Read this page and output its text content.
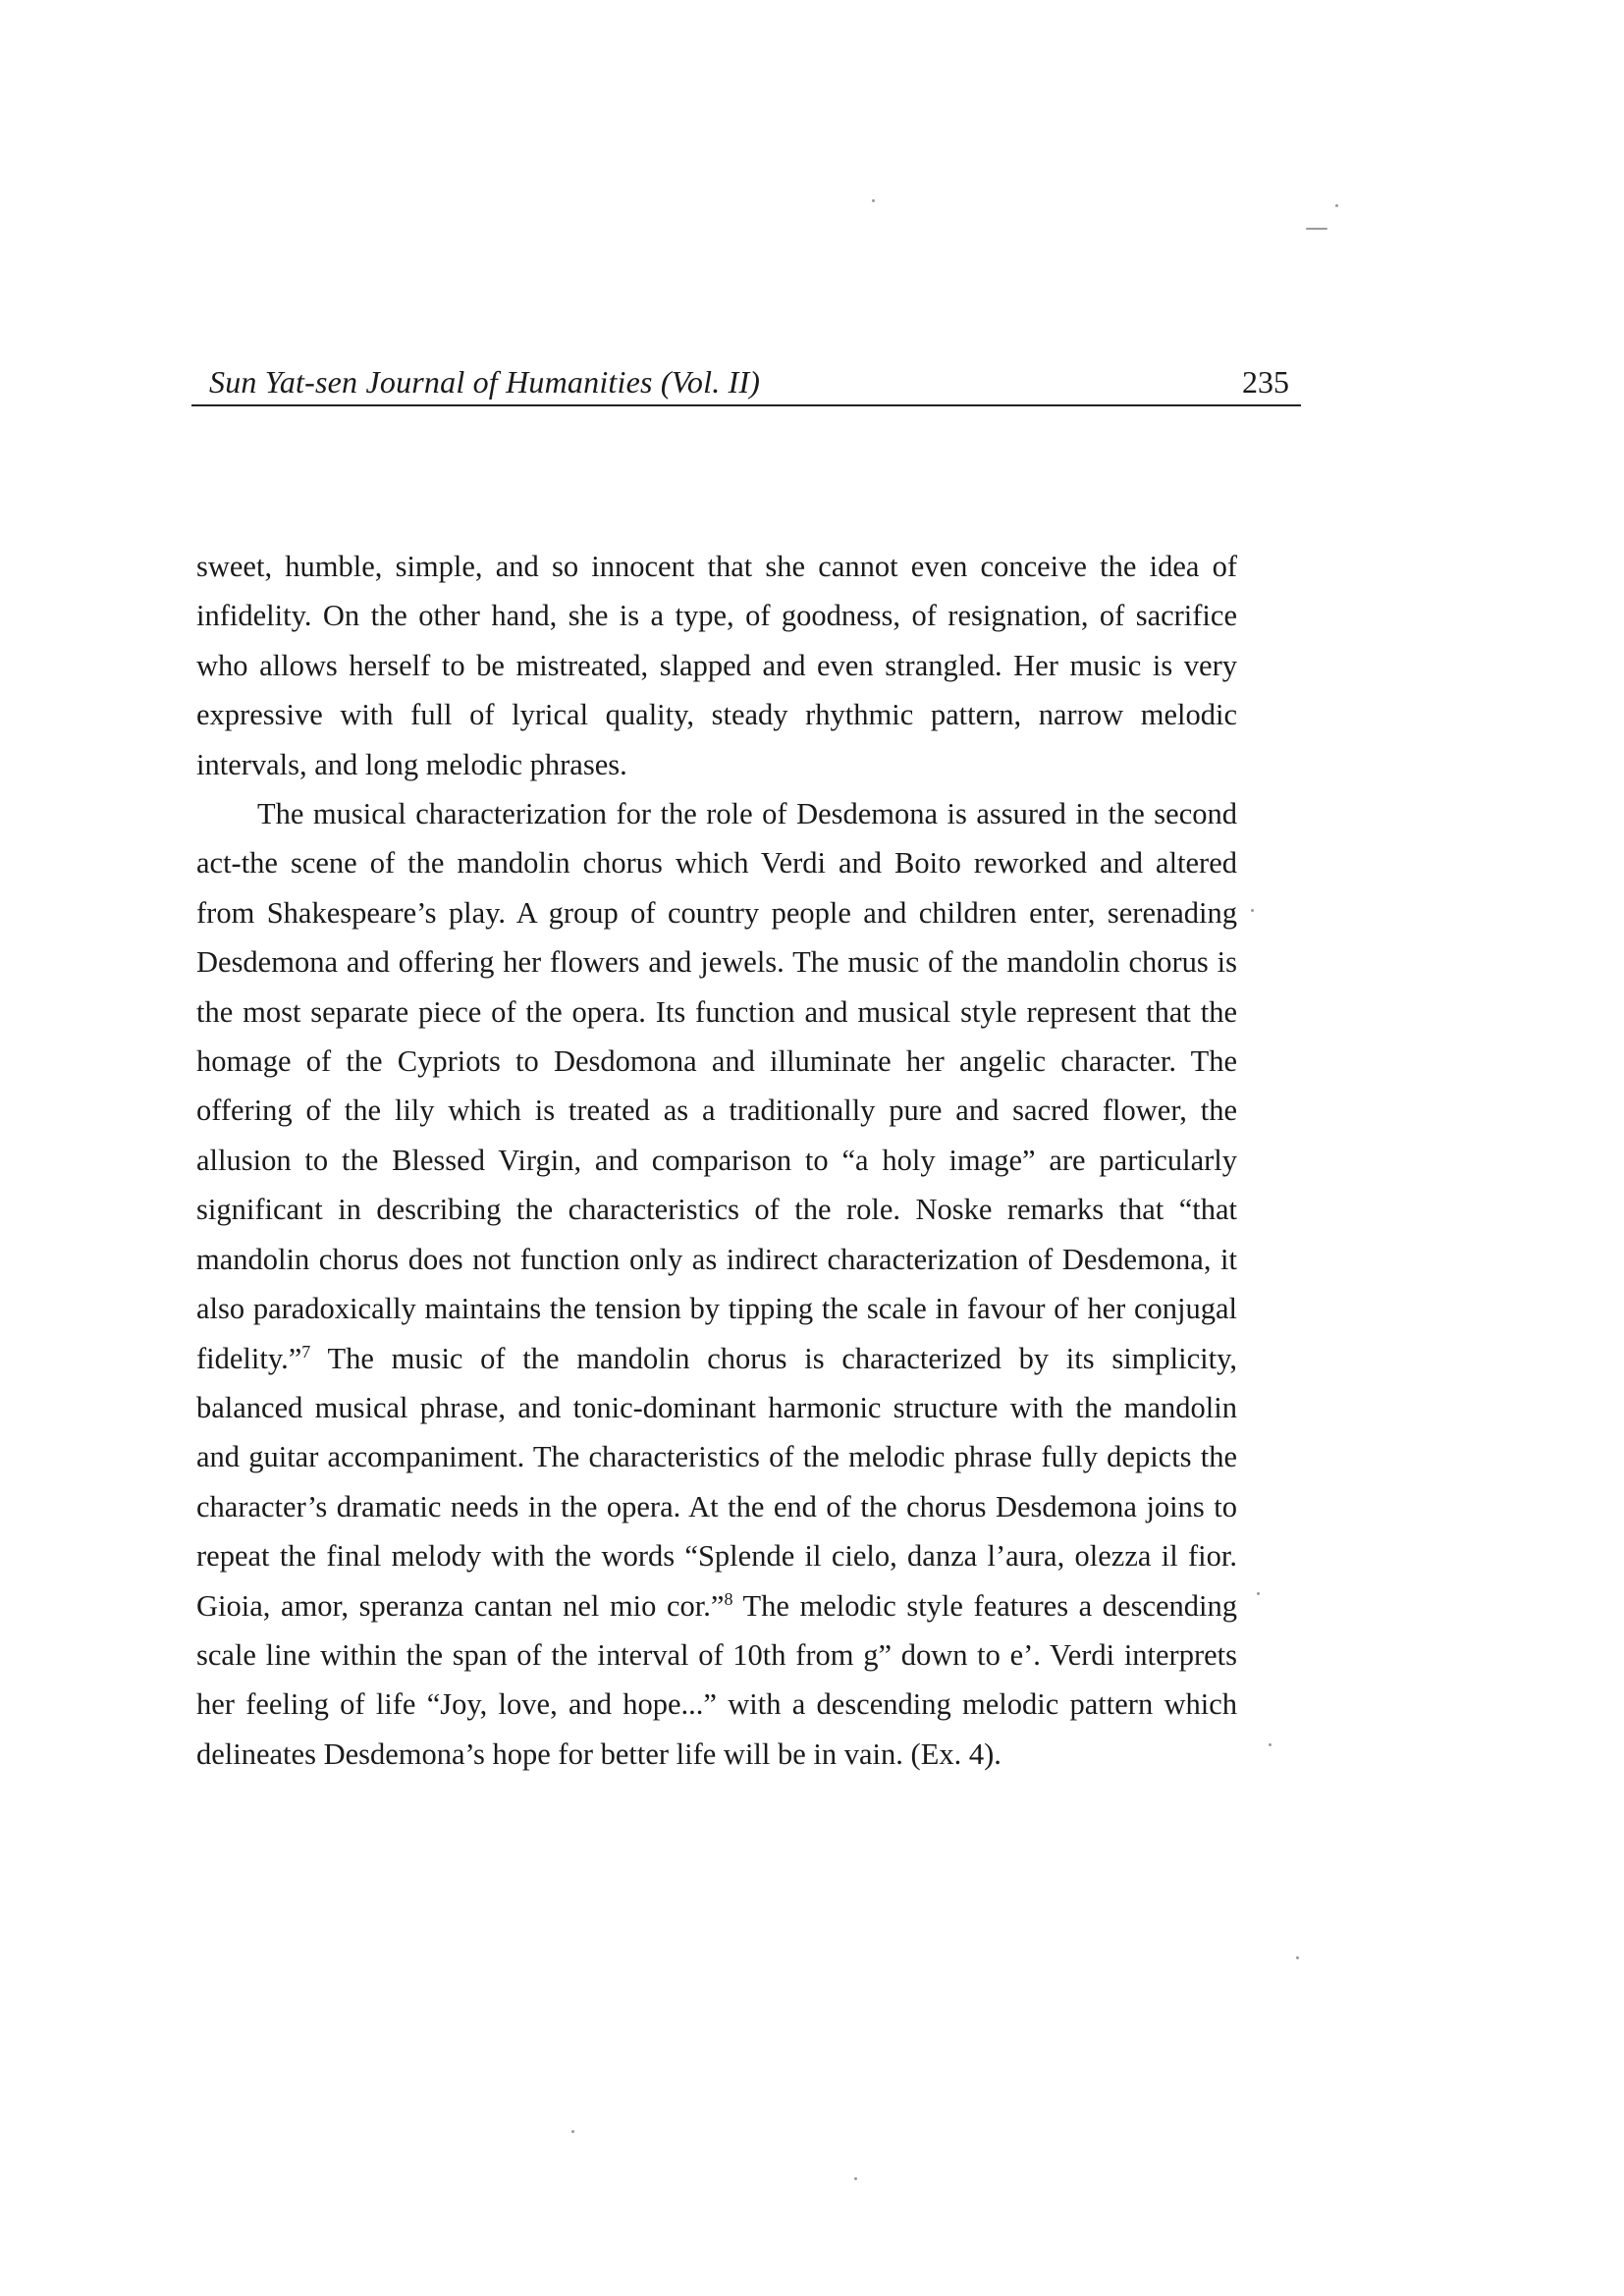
Sun Yat-sen Journal of Humanities (Vol. II)	235

sweet, humble, simple, and so innocent that she cannot even conceive the idea of infidelity. On the other hand, she is a type, of goodness, of resignation, of sacrifice who allows herself to be mistreated, slapped and even strangled. Her music is very expressive with full of lyrical quality, steady rhythmic pattern, narrow melodic intervals, and long melodic phrases.

The musical characterization for the role of Desdemona is assured in the second act-the scene of the mandolin chorus which Verdi and Boito reworked and altered from Shakespeare’s play. A group of country people and children enter, serenading Desdemona and offering her flowers and jewels. The music of the mandolin chorus is the most separate piece of the opera. Its function and musical style represent that the homage of the Cypriots to Desdomona and illuminate her angelic character. The offering of the lily which is treated as a traditionally pure and sacred flower, the allusion to the Blessed Virgin, and comparison to “a holy image” are particularly significant in describing the characteristics of the role. Noske remarks that “that mandolin chorus does not function only as indirect characterization of Desdemona, it also paradoxically maintains the tension by tipping the scale in favour of her conjugal fidelity.”$^7$ The music of the mandolin chorus is characterized by its simplicity, balanced musical phrase, and tonic-dominant harmonic structure with the mandolin and guitar accompaniment. The characteristics of the melodic phrase fully depicts the character’s dramatic needs in the opera. At the end of the chorus Desdemona joins to repeat the final melody with the words “Splende il cielo, danza l’aura, olezza il fior. Gioia, amor, speranza cantan nel mio cor.”$^8$ The melodic style features a descending scale line within the span of the interval of 10th from g” down to e’. Verdi interprets her feeling of life “Joy, love, and hope...” with a descending melodic pattern which delineates Desdemona’s hope for better life will be in vain. (Ex. 4).
